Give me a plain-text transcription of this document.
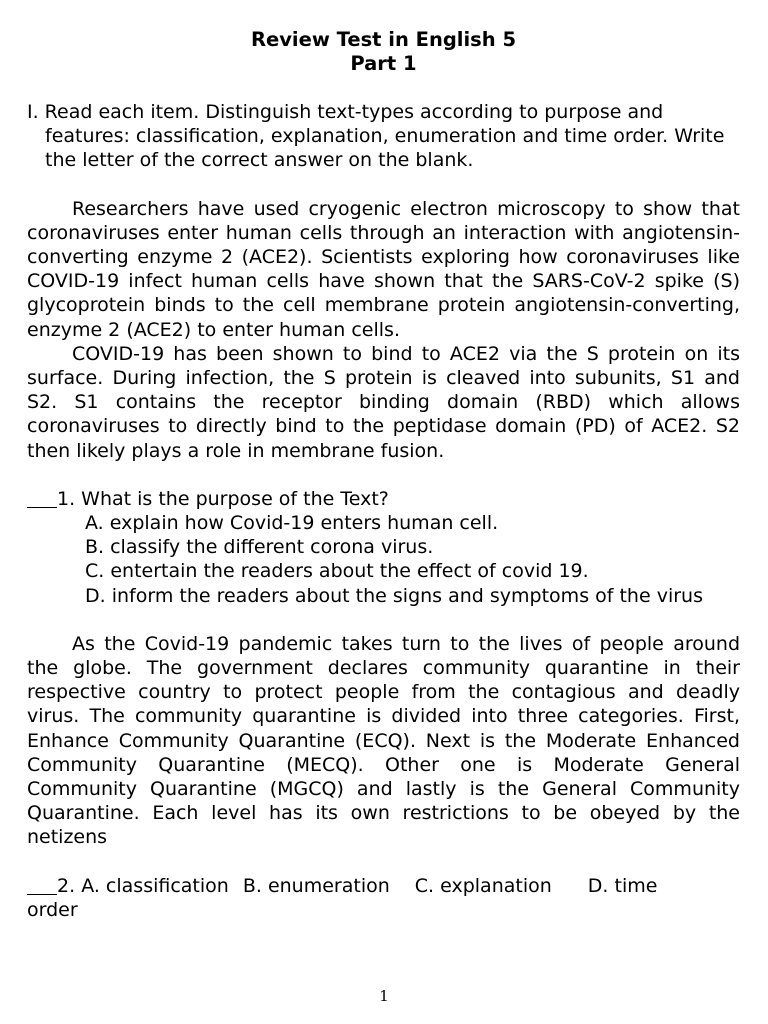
Review Test in English 5
Part 1
I. Read each item. Distinguish text-types according to purpose and features: classification, explanation, enumeration and time order. Write the letter of the correct answer on the blank.
Researchers have used cryogenic electron microscopy to show that coronaviruses enter human cells through an interaction with angiotensin-converting enzyme 2 (ACE2). Scientists exploring how coronaviruses like COVID-19 infect human cells have shown that the SARS-CoV-2 spike (S) glycoprotein binds to the cell membrane protein angiotensin-converting, enzyme 2 (ACE2) to enter human cells.
COVID-19 has been shown to bind to ACE2 via the S protein on its surface. During infection, the S protein is cleaved into subunits, S1 and S2. S1 contains the receptor binding domain (RBD) which allows coronaviruses to directly bind to the peptidase domain (PD) of ACE2. S2 then likely plays a role in membrane fusion.
1. What is the purpose of the Text?
A. explain how Covid-19 enters human cell.
B. classify the different corona virus.
C. entertain the readers about the effect of covid 19.
D. inform the readers about the signs and symptoms of the virus
As the Covid-19 pandemic takes turn to the lives of people around the globe. The government declares community quarantine in their respective country to protect people from the contagious and deadly virus. The community quarantine is divided into three categories. First, Enhance Community Quarantine (ECQ). Next is the Moderate Enhanced Community Quarantine (MECQ). Other one is Moderate General Community Quarantine (MGCQ) and lastly is the General Community Quarantine. Each level has its own restrictions to be obeyed by the netizens
2. A. classification B. enumeration C. explanation D. time
order
1
